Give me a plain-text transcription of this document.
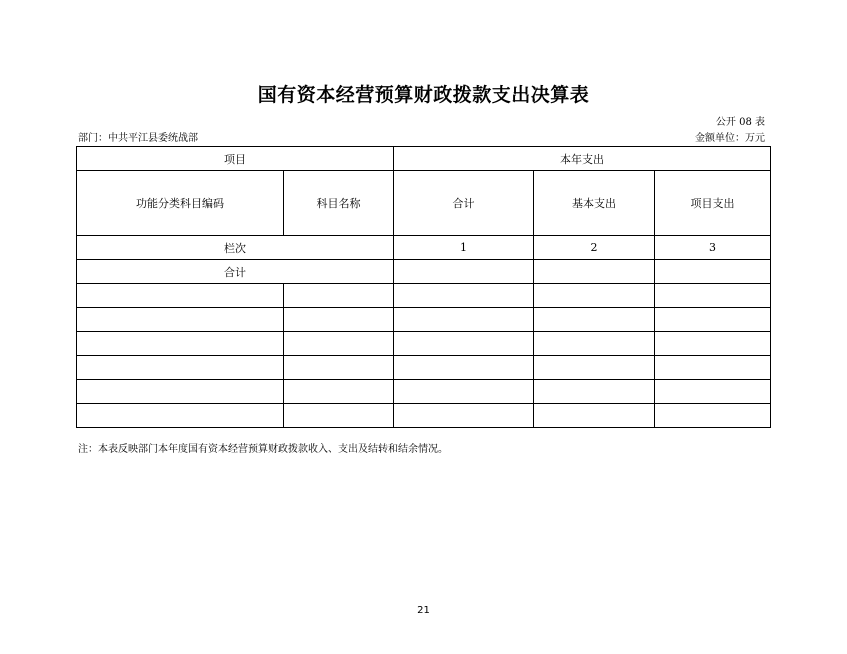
国有资本经营预算财政拨款支出决算表
公开 08 表
部门：中共平江县委统战部	金额单位：万元
项目		本年支出		
功能分类科目编码	科目名称	合计	基本支出	项目支出
栏次		1	2	3
合计				

注：本表反映部门本年度国有资本经营预算财政拨款收入、支出及结转和结余情况。
21
